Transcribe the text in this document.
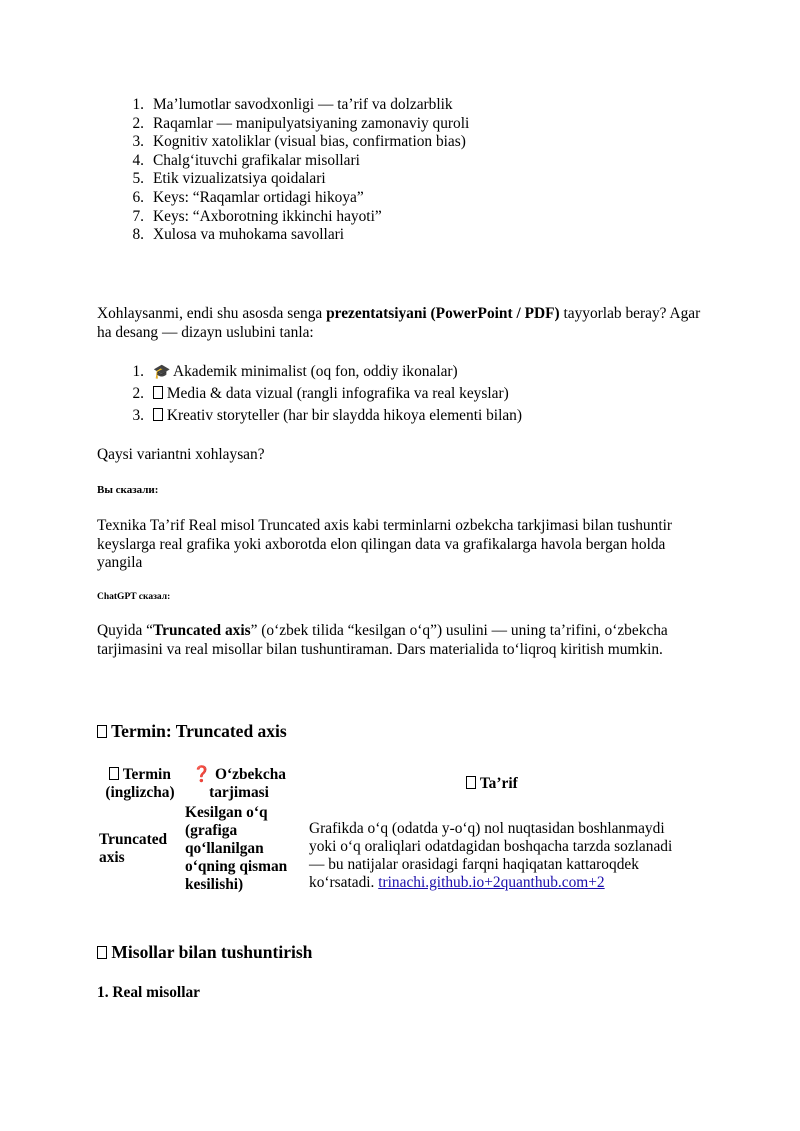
1. Ma’lumotlar savodxonligi — ta’rif va dolzarblik
2. Raqamlar — manipulyatsiyaning zamonaviy quroli
3. Kognitiv xatoliklar (visual bias, confirmation bias)
4. Chalg‘ituvchi grafikalar misollari
5. Etik vizualizatsiya qoidalari
6. Keys: “Raqamlar ortidagi hikoya”
7. Keys: “Axborotning ikkinchi hayoti”
8. Xulosa va muhokama savollari

Xohlaysanmi, endi shu asosda senga prezentatsiyani (PowerPoint / PDF) tayyorlab beray? Agar ha desang — dizayn uslubini tanla:

1. 🎓 Akademik minimalist (oq fon, oddiy ikonalar)
2.	Media & data vizual (rangli infografika va real keyslar)
3.	Kreativ storyteller (har bir slaydda hikoya elementi bilan)

Qaysi variantni xohlaysan?

Вы сказали:

Texnika Ta’rif Real misol Truncated axis kabi terminlarni ozbekcha tarkjimasi bilan tushuntir keyslarga real grafika yoki axborotda elon qilingan data va grafikalarga havola bergan holda yangila

ChatGPT сказал:

Quyida “Truncated axis” (o‘zbek tilida “kesilgan o‘q”) usulini — uning ta’rifini, o‘zbekcha tarjimasini va real misollar bilan tushuntiraman. Dars materialida to‘liqroq kiritish mumkin.

Termin: Truncated axis
Termin (inglizcha)	❓ O‘zbekcha tarjimasi	Ta’rif
Truncated axis	Kesilgan o‘q (grafiga qo‘llanilgan o‘qning qisman kesilishi)	Grafikda o‘q (odatda y-o‘q) nol nuqtasidan boshlanmaydi yoki o‘q oraliqlari odatdagidan boshqacha tarzda sozlanadi — bu natijalar orasidagi farqni haqiqatan kattaroqdek ko‘rsatadi. trinachi.github.io+2quanthub.com+2
Misollar bilan tushuntirish
1. Real misollar
